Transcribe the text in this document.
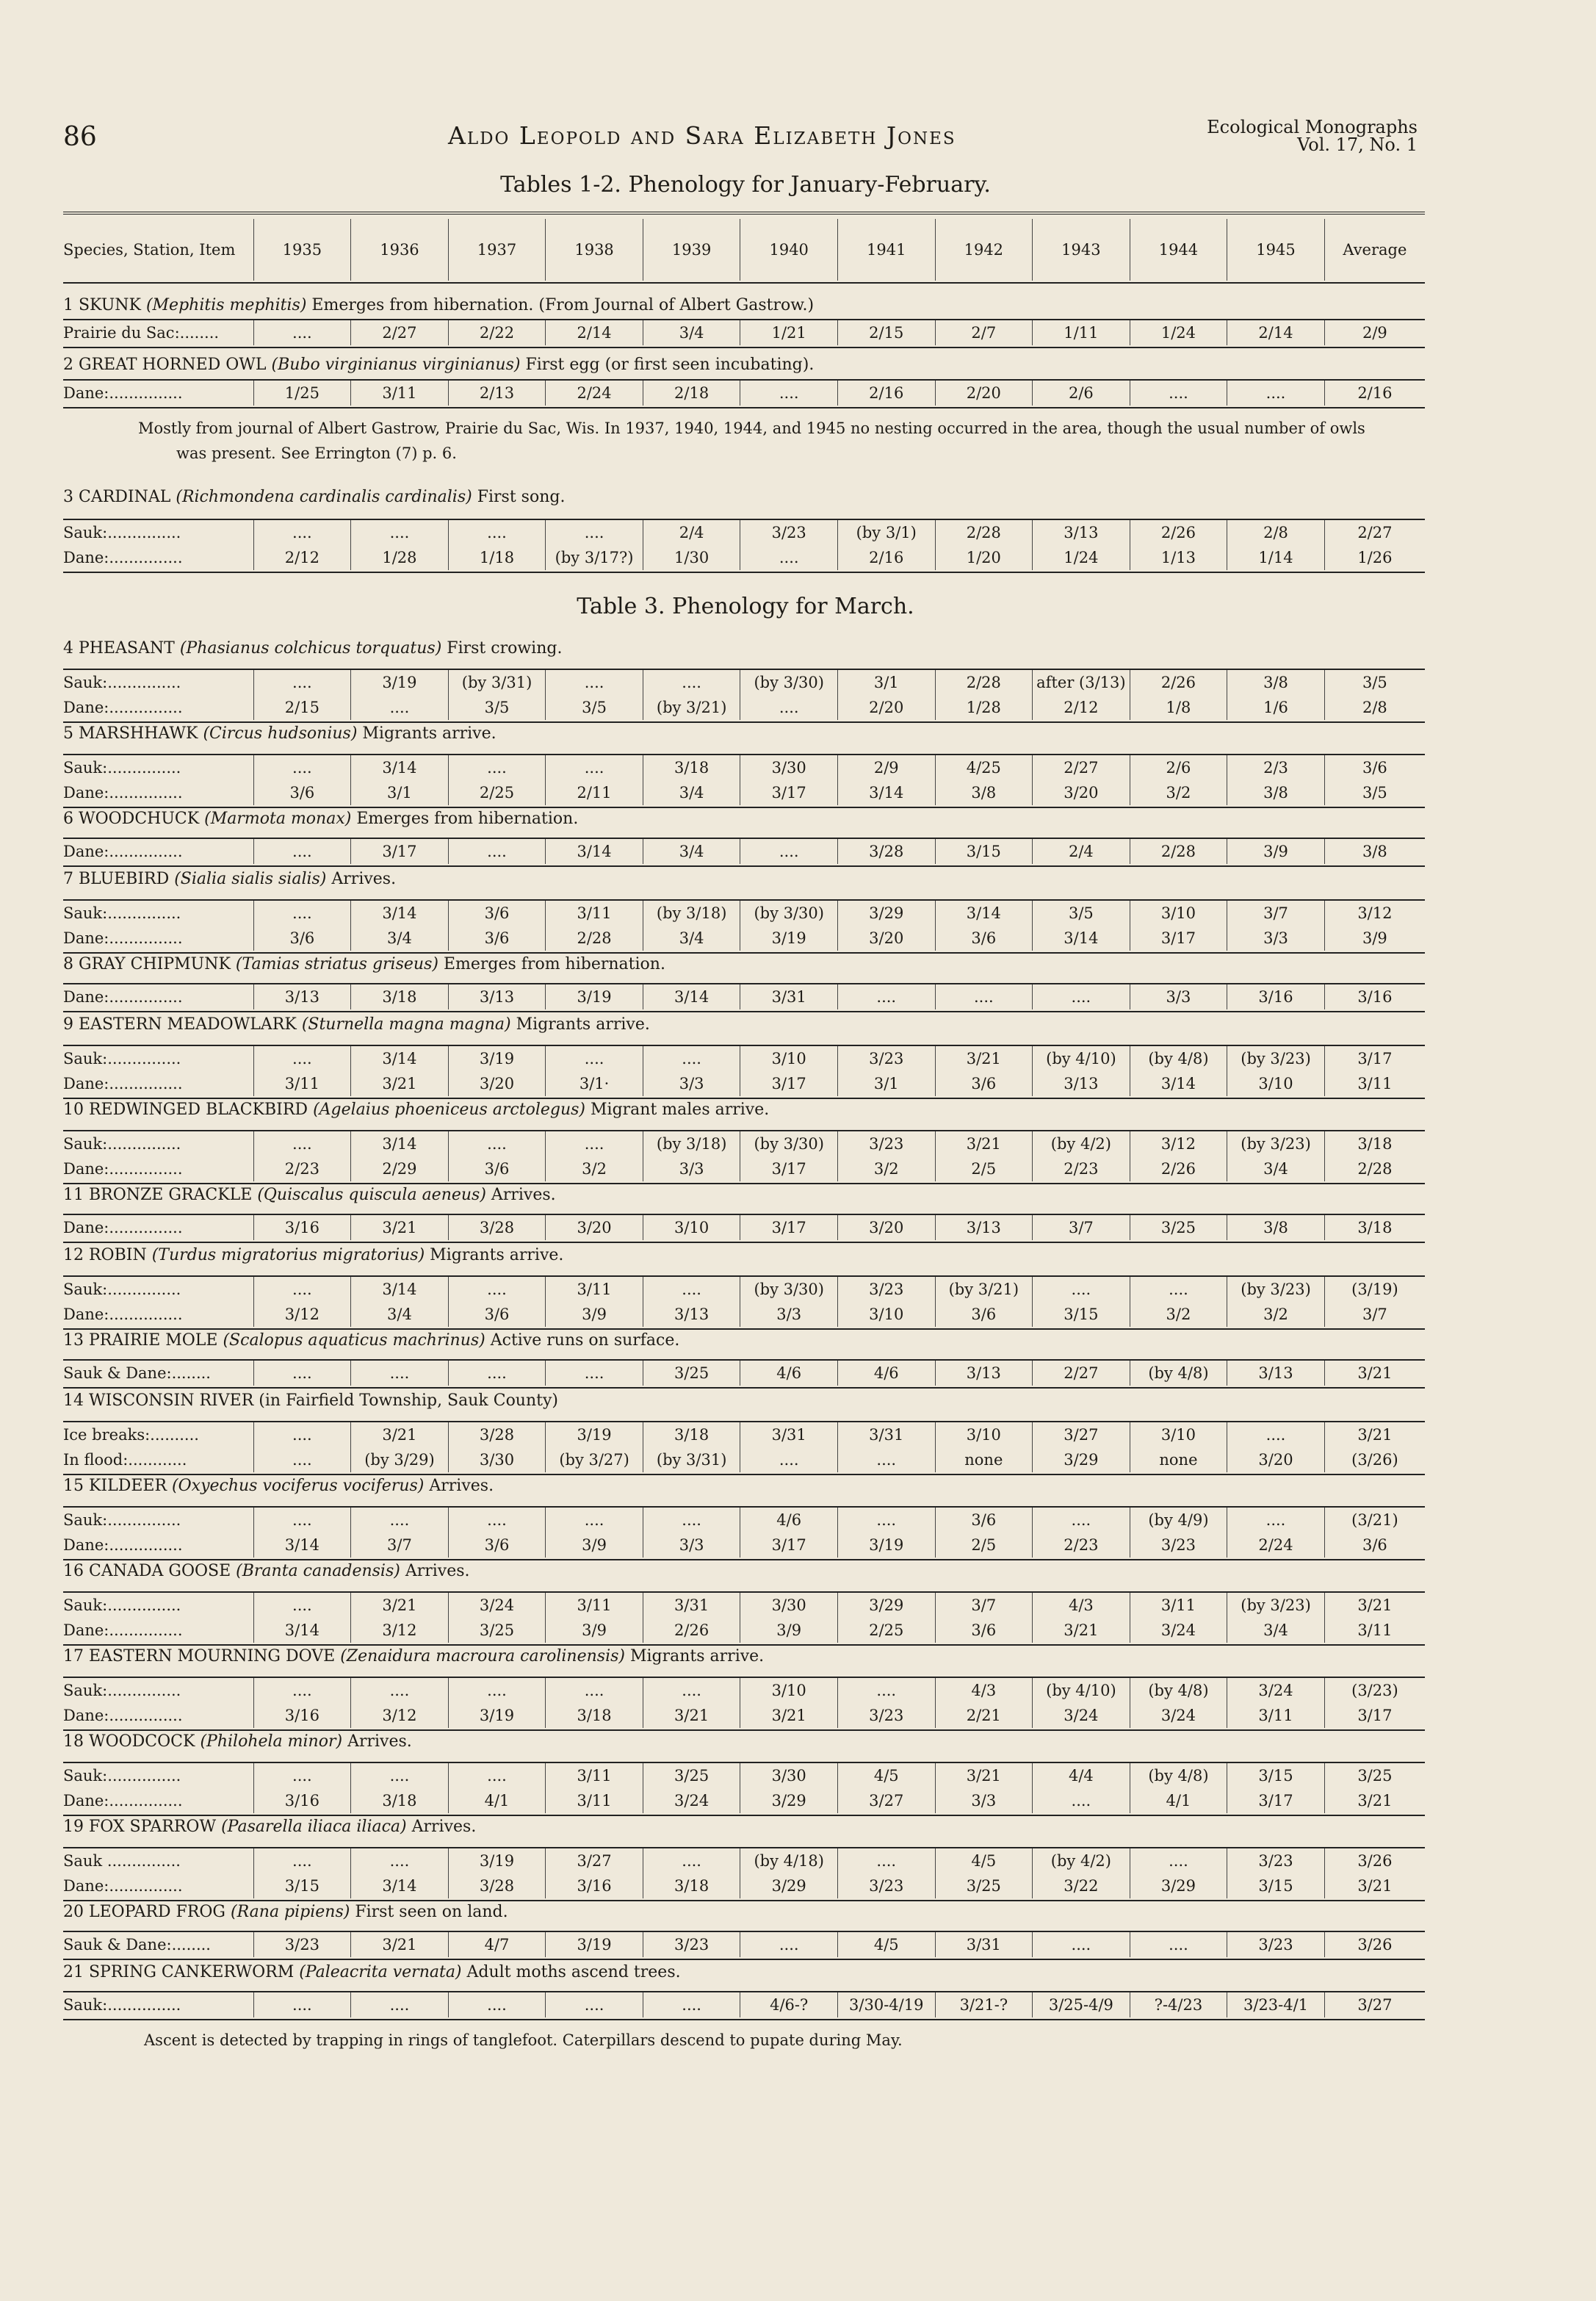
86	Aldo Leopold and Sara Elizabeth Jones	Ecological Monographs
Vol. 17, No. 1
Tables 1-2. Phenology for January-February.
Table 3. Phenology for March.
Species, Station, Item	1935	1936	1937	1938	1939	1940	1941	1942	1943	1944	1945	Average
1 SKUNK (Mephitis mephitis) Emerges from hibernation. (From Journal of Albert Gastrow.)
Prairie du Sac:........	....	2/27	2/22	2/14	3/4	1/21	2/15	2/7	1/11	1/24	2/14	2/9
2 GREAT HORNED OWL (Bubo virginianus virginianus) First egg (or first seen incubating).
Dane:...............	1/25	3/11	2/13	2/24	2/18	....	2/16	2/20	2/6	....	....	2/16
3 CARDINAL (Richmondena cardinalis cardinalis) First song.
Sauk:...............	....	....	....	....	2/4	3/23	(by 3/1)	2/28	3/13	2/26	2/8	2/27
Dane:...............	2/12	1/28	1/18	(by 3/17?)	1/30	....	2/16	1/20	1/24	1/13	1/14	1/26
4 PHEASANT (Phasianus colchicus torquatus) First crowing.
Sauk:...............	....	3/19	(by 3/31)	....	....	(by 3/30)	3/1	2/28	after (3/13)	2/26	3/8	3/5
Dane:...............	2/15	....	3/5	3/5	(by 3/21)	....	2/20	1/28	2/12	1/8	1/6	2/8
5 MARSHHAWK (Circus hudsonius) Migrants arrive.
Sauk:...............	....	3/14	....	....	3/18	3/30	2/9	4/25	2/27	2/6	2/3	3/6
Dane:...............	3/6	3/1	2/25	2/11	3/4	3/17	3/14	3/8	3/20	3/2	3/8	3/5
6 WOODCHUCK (Marmota monax) Emerges from hibernation.
Dane:...............	....	3/17	....	3/14	3/4	....	3/28	3/15	2/4	2/28	3/9	3/8
7 BLUEBIRD (Sialia sialis sialis) Arrives.
Sauk:...............	....	3/14	3/6	3/11	(by 3/18)	(by 3/30)	3/29	3/14	3/5	3/10	3/7	3/12
Dane:...............	3/6	3/4	3/6	2/28	3/4	3/19	3/20	3/6	3/14	3/17	3/3	3/9
8 GRAY CHIPMUNK (Tamias striatus griseus) Emerges from hibernation.
Dane:...............	3/13	3/18	3/13	3/19	3/14	3/31	....	....	....	3/3	3/16	3/16
9 EASTERN MEADOWLARK (Sturnella magna magna) Migrants arrive.
Sauk:...............	....	3/14	3/19	....	....	3/10	3/23	3/21	(by 4/10)	(by 4/8)	(by 3/23)	3/17
Dane:...............	3/11	3/21	3/20	3/1·	3/3	3/17	3/1	3/6	3/13	3/14	3/10	3/11
10 REDWINGED BLACKBIRD (Agelaius phoeniceus arctolegus) Migrant males arrive.
Sauk:...............	....	3/14	....	....	(by 3/18)	(by 3/30)	3/23	3/21	(by 4/2)	3/12	(by 3/23)	3/18
Dane:...............	2/23	2/29	3/6	3/2	3/3	3/17	3/2	2/5	2/23	2/26	3/4	2/28
11 BRONZE GRACKLE (Quiscalus quiscula aeneus) Arrives.
Dane:...............	3/16	3/21	3/28	3/20	3/10	3/17	3/20	3/13	3/7	3/25	3/8	3/18
12 ROBIN (Turdus migratorius migratorius) Migrants arrive.
Sauk:...............	....	3/14	....	3/11	....	(by 3/30)	3/23	(by 3/21)	....	....	(by 3/23)	(3/19)
Dane:...............	3/12	3/4	3/6	3/9	3/13	3/3	3/10	3/6	3/15	3/2	3/2	3/7
13 PRAIRIE MOLE (Scalopus aquaticus machrinus) Active runs on surface.
Sauk & Dane:........	....	....	....	....	3/25	4/6	4/6	3/13	2/27	(by 4/8)	3/13	3/21
14 WISCONSIN RIVER (in Fairfield Township, Sauk County)
Ice breaks:..........	....	3/21	3/28	3/19	3/18	3/31	3/31	3/10	3/27	3/10	....	3/21
In flood:............	....	(by 3/29)	3/30	(by 3/27)	(by 3/31)	....	....	none	3/29	none	3/20	(3/26)
15 KILDEER (Oxyechus vociferus vociferus) Arrives.
Sauk:...............	....	....	....	....	....	4/6	....	3/6	....	(by 4/9)	....	(3/21)
Dane:...............	3/14	3/7	3/6	3/9	3/3	3/17	3/19	2/5	2/23	3/23	2/24	3/6
16 CANADA GOOSE (Branta canadensis) Arrives.
Sauk:...............	....	3/21	3/24	3/11	3/31	3/30	3/29	3/7	4/3	3/11	(by 3/23)	3/21
Dane:...............	3/14	3/12	3/25	3/9	2/26	3/9	2/25	3/6	3/21	3/24	3/4	3/11
17 EASTERN MOURNING DOVE (Zenaidura macroura carolinensis) Migrants arrive.
Sauk:...............	....	....	....	....	....	3/10	....	4/3	(by 4/10)	(by 4/8)	3/24	(3/23)
Dane:...............	3/16	3/12	3/19	3/18	3/21	3/21	3/23	2/21	3/24	3/24	3/11	3/17
18 WOODCOCK (Philohela minor) Arrives.
Sauk:...............	....	....	....	3/11	3/25	3/30	4/5	3/21	4/4	(by 4/8)	3/15	3/25
Dane:...............	3/16	3/18	4/1	3/11	3/24	3/29	3/27	3/3	....	4/1	3/17	3/21
19 FOX SPARROW (Pasarella iliaca iliaca) Arrives.
Sauk ...............	....	....	3/19	3/27	....	(by 4/18)	....	4/5	(by 4/2)	....	3/23	3/26
Dane:...............	3/15	3/14	3/28	3/16	3/18	3/29	3/23	3/25	3/22	3/29	3/15	3/21
20 LEOPARD FROG (Rana pipiens) First seen on land.
Sauk & Dane:........	3/23	3/21	4/7	3/19	3/23	....	4/5	3/31	....	....	3/23	3/26
21 SPRING CANKERWORM (Paleacrita vernata) Adult moths ascend trees.
Sauk:...............	....	....	....	....	....	4/6-?	3/30-4/19	3/21-?	3/25-4/9	?-4/23	3/23-4/1	3/27
Mostly from journal of Albert Gastrow, Prairie du Sac, Wis. In 1937, 1940, 1944, and 1945 no nesting occurred in the area, though the usual number of owls
was present. See Errington (7) p. 6.
Ascent is detected by trapping in rings of tanglefoot. Caterpillars descend to pupate during May.
